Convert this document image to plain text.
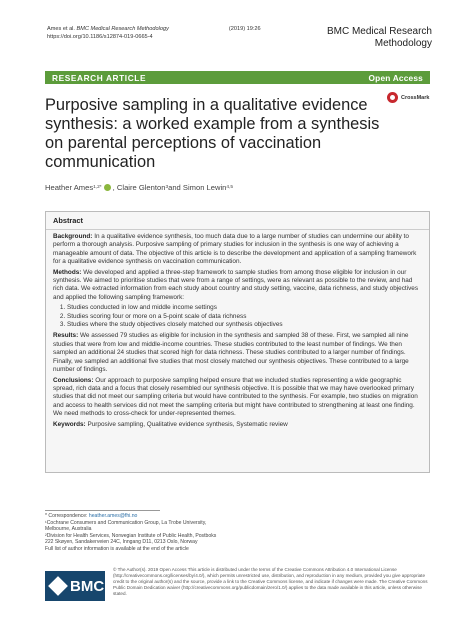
Ames et al. BMC Medical Research Methodology	(2019) 19:26
https://doi.org/10.1186/s12874-019-0665-4	BMC Medical Research
Methodology
RESEARCH ARTICLE	Open Access
CrossMark
Purposive sampling in a qualitative evidence synthesis: a worked example from a synthesis on parental perceptions of vaccination communication
Heather Ames 1,2* , Claire Glenton 3 and Simon Lewin 4,5
Abstract

Background: In a qualitative evidence synthesis, too much data due to a large number of studies can undermine our ability to perform a thorough analysis. Purposive sampling of primary studies for inclusion in the synthesis is one way of achieving a manageable amount of data. The objective of this article is to describe the development and application of a sampling framework for a qualitative evidence synthesis on vaccination communication.

Methods: We developed and applied a three-step framework to sample studies from among those eligible for inclusion in our synthesis. We aimed to prioritise studies that were from a range of settings, were as relevant as possible to the review, and had rich data. We extracted information from each study about country and study setting, vaccine, data richness, and study objectives and applied the following sampling framework:

1. Studies conducted in low and middle income settings
2. Studies scoring four or more on a 5-point scale of data richness
3. Studies where the study objectives closely matched our synthesis objectives

Results: We assessed 79 studies as eligible for inclusion in the synthesis and sampled 38 of these. First, we sampled all nine studies that were from low and middle-income countries. These studies contributed to the least number of findings. We then sampled an additional 24 studies that scored high for data richness. These studies contributed to a larger number of findings. Finally, we sampled an additional five studies that most closely matched our synthesis objectives. These contributed to a large number of findings.

Conclusions: Our approach to purposive sampling helped ensure that we included studies representing a wide geographic spread, rich data and a focus that closely resembled our synthesis objective. It is possible that we may have overlooked primary studies that did not meet our sampling criteria but would have contributed to the synthesis. For example, two studies on migration and access to health services did not meet the sampling criteria but might have contributed to strengthening at least one finding. We need methods to cross-check for under-represented themes.

Keywords: Purposive sampling, Qualitative evidence synthesis, Systematic review

* Correspondence: heather.ames@fhi.no
¹Cochrane Consumers and Communication Group, La Trobe University,
Melbourne, Australia
²Division for Health Services, Norwegian Institute of Public Health, Postboks
222 Skøyen, Sandakerveien 24C, Inngang D11, 0213 Oslo, Norway
Full list of author information is available at the end of the article
BMC
© The Author(s). 2019 Open Access This article is distributed under the terms of the Creative Commons Attribution 4.0 International License (http://creativecommons.org/licenses/by/4.0/), which permits unrestricted use, distribution, and reproduction in any medium, provided you give appropriate credit to the original author(s) and the source, provide a link to the Creative Commons license, and indicate if changes were made. The Creative Commons Public Domain Dedication waiver (http://creativecommons.org/publicdomain/zero/1.0/) applies to the data made available in this article, unless otherwise stated.
